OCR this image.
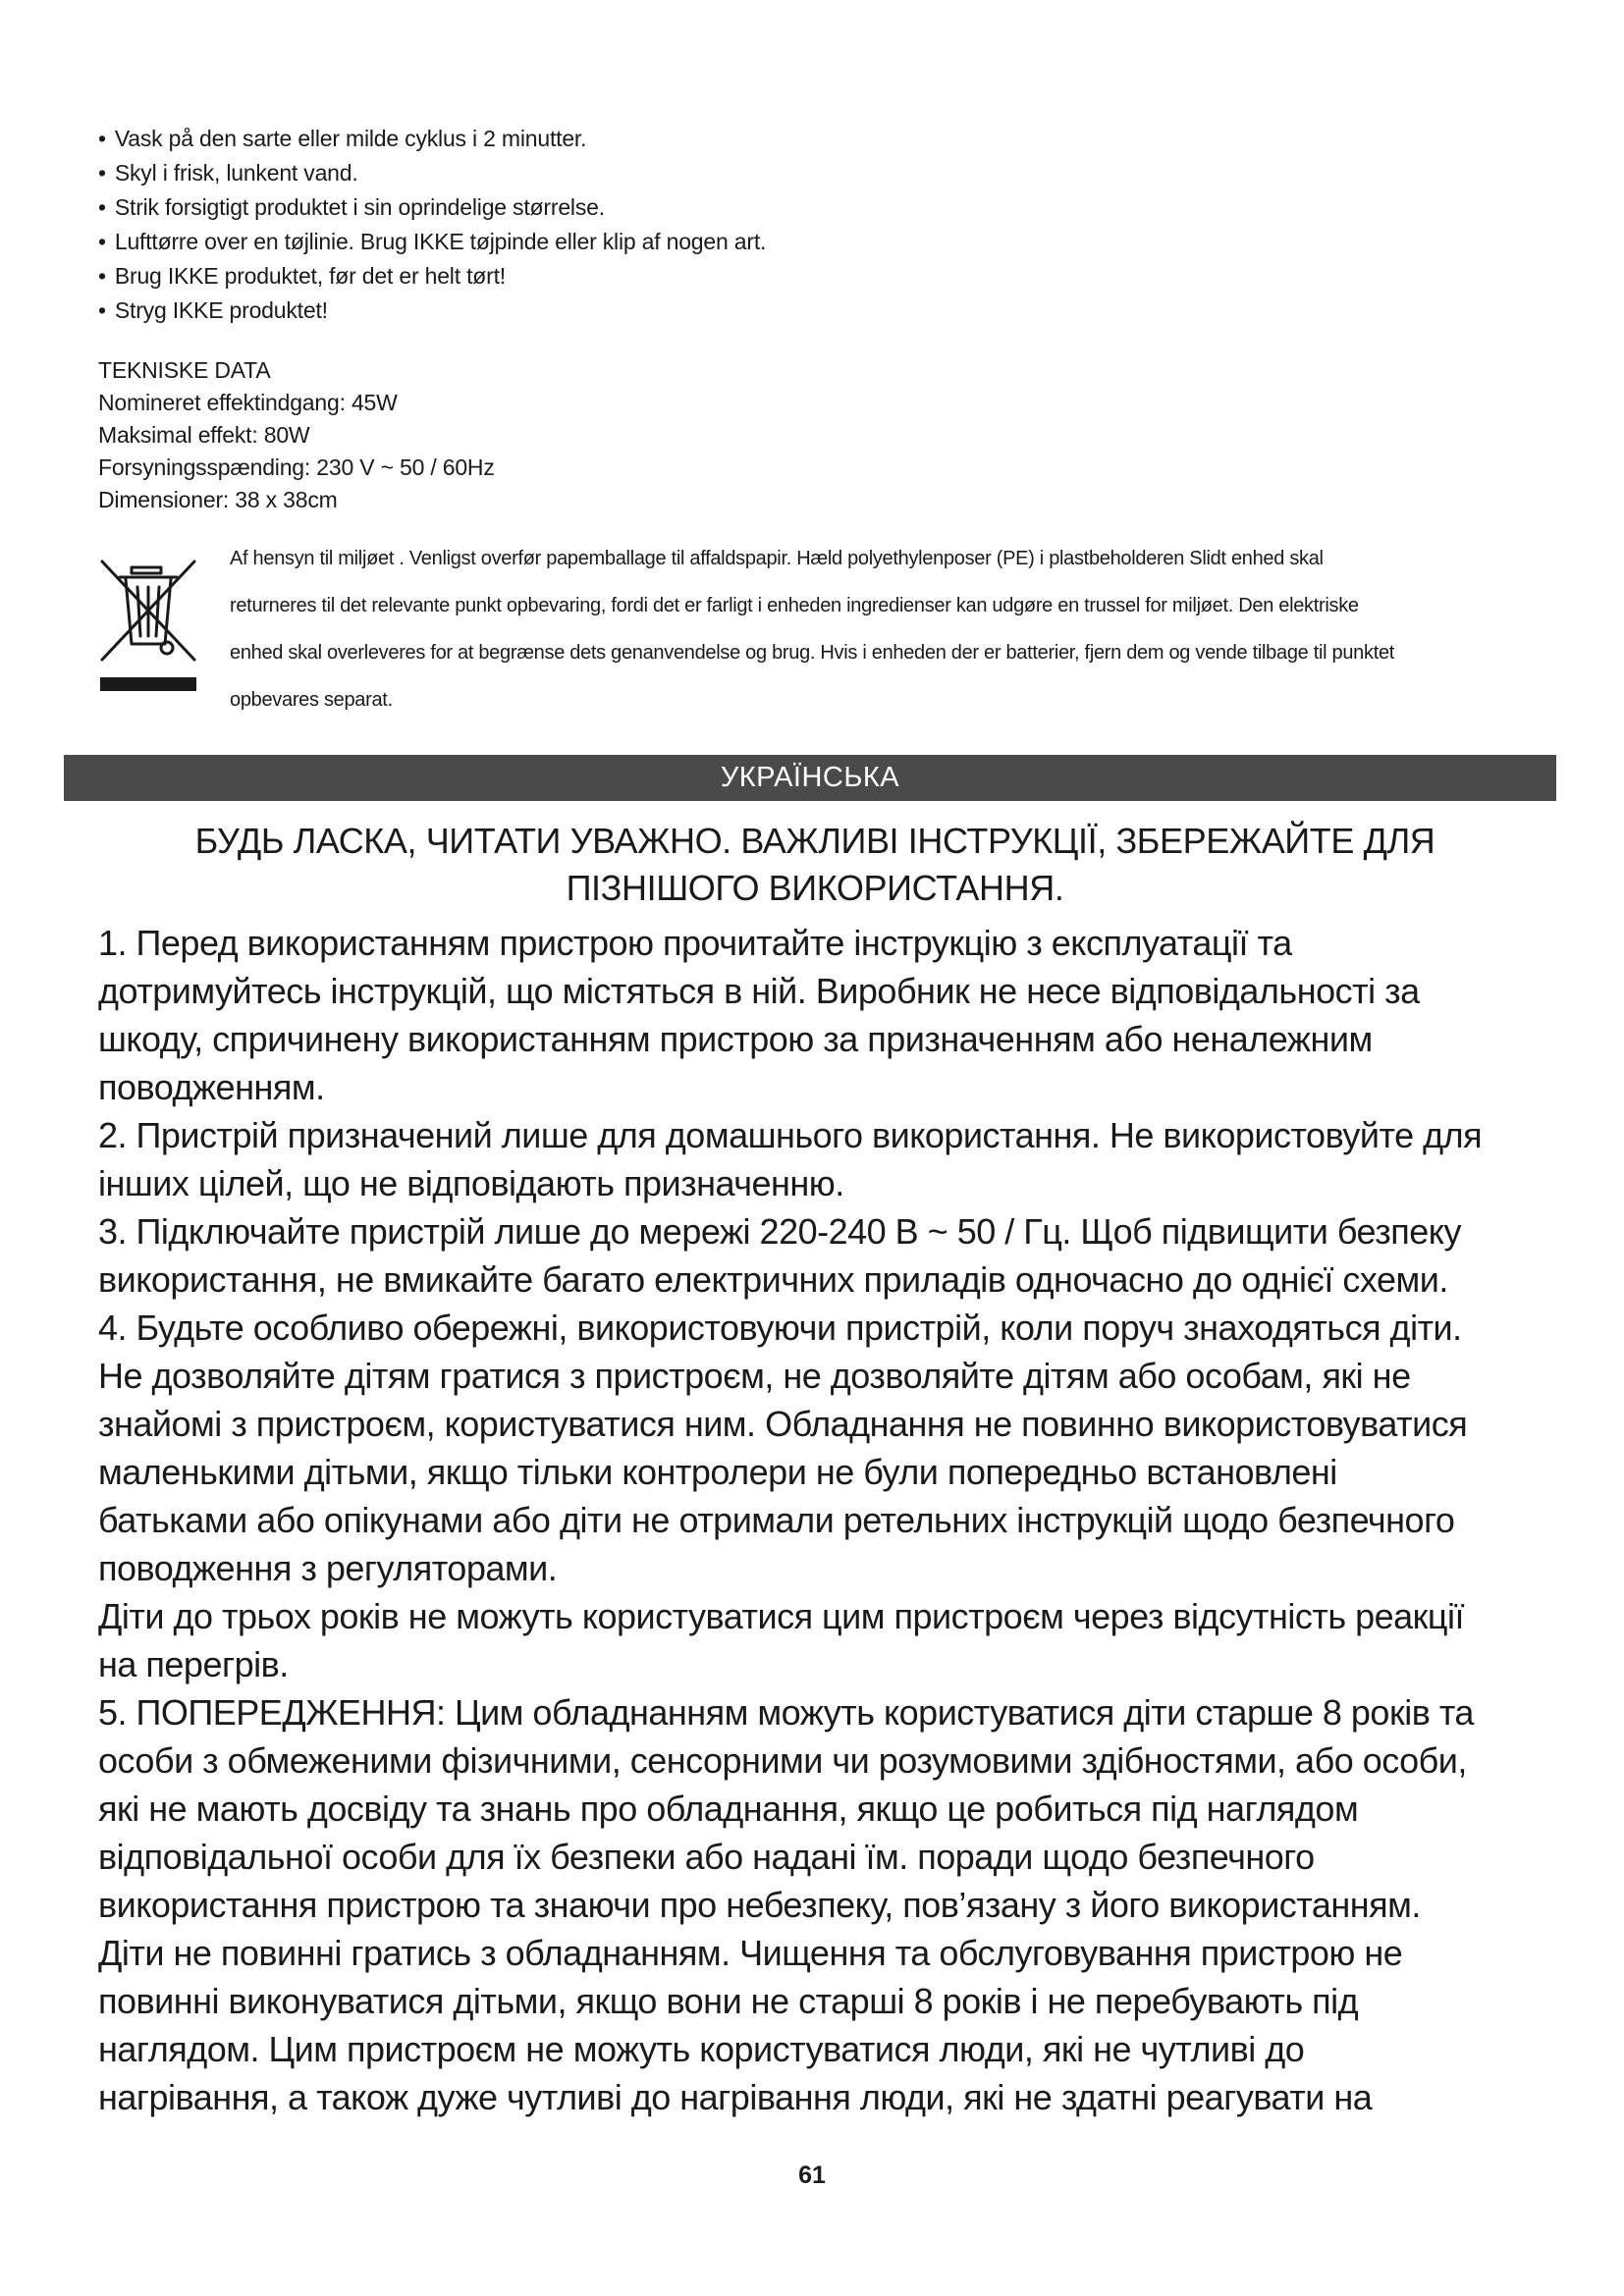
• Vask på den sarte eller milde cyklus i 2 minutter.
• Skyl i frisk, lunkent vand.
• Strik forsigtigt produktet i sin oprindelige størrelse.
• Lufttørre over en tøjlinie. Brug IKKE tøjpinde eller klip af nogen art.
• Brug IKKE produktet, før det er helt tørt!
• Stryg IKKE produktet!
TEKNISKE DATA
Nomineret effektindgang: 45W
Maksimal effekt: 80W
Forsyningsspænding: 230 V ~ 50 / 60Hz
Dimensioner: 38 x 38cm
Af hensyn til miljøet . Venligst overfør papemballage til affaldspapir. Hæld polyethylenposer (PE) i plastbeholderen Slidt enhed skal
returneres til det relevante punkt opbevaring, fordi det er farligt i enheden ingredienser kan udgøre en trussel for miljøet. Den elektriske
enhed skal overleveres for at begrænse dets genanvendelse og brug. Hvis i enheden der er batterier, fjern dem og vende tilbage til punktet
opbevares separat.
УКРАЇНСЬКА
БУДЬ ЛАСКА, ЧИТАТИ УВАЖНО. ВАЖЛИВІ ІНСТРУКЦІЇ, ЗБЕРЕЖАЙТЕ ДЛЯ
ПІЗНІШОГО ВИКОРИСТАННЯ.
1. Перед використанням пристрою прочитайте інструкцію з експлуатації та
дотримуйтесь інструкцій, що містяться в ній. Виробник не несе відповідальності за
шкоду, спричинену використанням пристрою за призначенням або неналежним
поводженням.
2. Пристрій призначений лише для домашнього використання. Не використовуйте для
інших цілей, що не відповідають призначенню.
3. Підключайте пристрій лише до мережі 220-240 В ~ 50 / Гц. Щоб підвищити безпеку
використання, не вмикайте багато електричних приладів одночасно до однієї схеми.
4. Будьте особливо обережні, використовуючи пристрій, коли поруч знаходяться діти.
Не дозволяйте дітям гратися з пристроєм, не дозволяйте дітям або особам, які не
знайомі з пристроєм, користуватися ним. Обладнання не повинно використовуватися
маленькими дітьми, якщо тільки контролери не були попередньо встановлені
батьками або опікунами або діти не отримали ретельних інструкцій щодо безпечного
поводження з регуляторами.
Діти до трьох років не можуть користуватися цим пристроєм через відсутність реакції
на перегрів.
5. ПОПЕРЕДЖЕННЯ: Цим обладнанням можуть користуватися діти старше 8 років та
особи з обмеженими фізичними, сенсорними чи розумовими здібностями, або особи,
які не мають досвіду та знань про обладнання, якщо це робиться під наглядом
відповідальної особи для їх безпеки або надані їм. поради щодо безпечного
використання пристрою та знаючи про небезпеку, пов’язану з його використанням.
Діти не повинні гратись з обладнанням. Чищення та обслуговування пристрою не
повинні виконуватися дітьми, якщо вони не старші 8 років і не перебувають під
наглядом. Цим пристроєм не можуть користуватися люди, які не чутливі до
нагрівання, а також дуже чутливі до нагрівання люди, які не здатні реагувати на
61
